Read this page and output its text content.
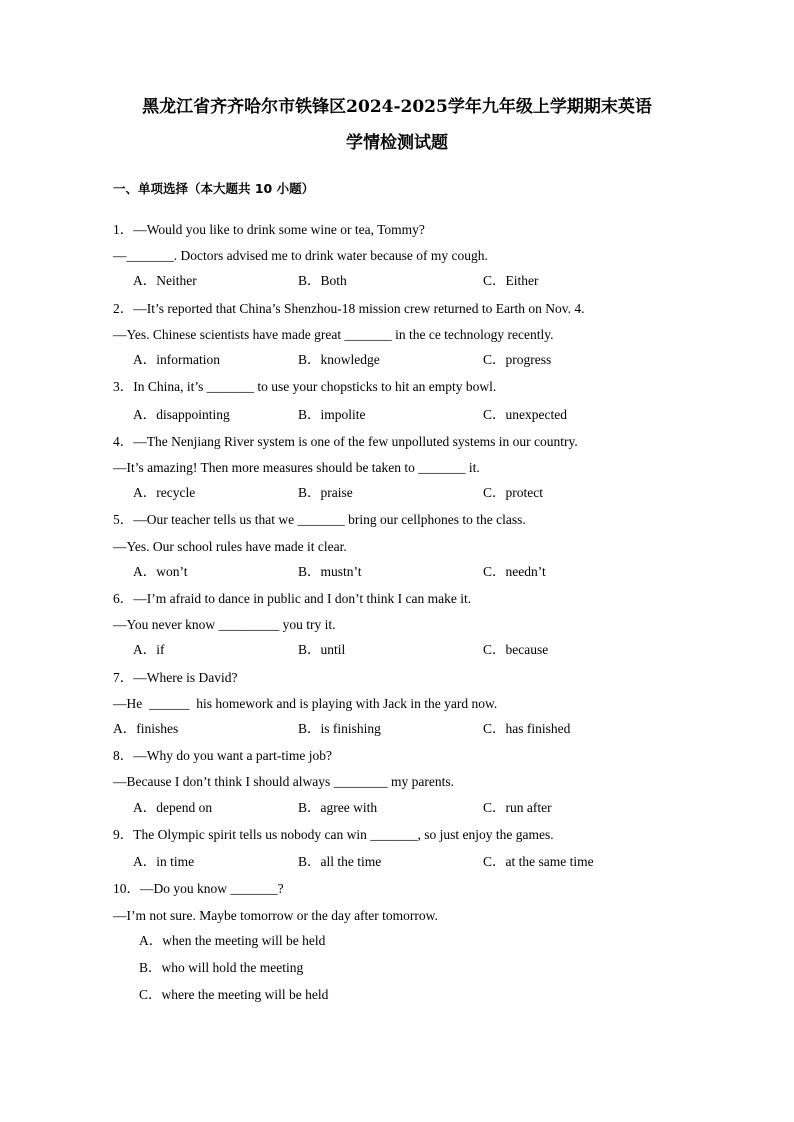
黑龙江省齐齐哈尔市铁锋区2024-2025学年九年级上学期期末英语
学情检测试题
一、单项选择（本大题共 10 小题）
1．—Would you like to drink some wine or tea, Tommy?
—_______. Doctors advised me to drink water because of my cough.
A．Neither	B．Both	C．Either
2．—It’s reported that China’s Shenzhou-18 mission crew returned to Earth on Nov. 4.
—Yes. Chinese scientists have made great _______ in the ce technology recently.
A．information	B．knowledge	C．progress
3．In China, it’s _______ to use your chopsticks to hit an empty bowl.
A．disappointing	B．impolite	C．unexpected
4．—The Nenjiang River system is one of the few unpolluted systems in our country.
—It’s amazing! Then more measures should be taken to _______ it.
A．recycle	B．praise	C．protect
5．—Our teacher tells us that we _______ bring our cellphones to the class.
—Yes. Our school rules have made it clear.
A．won’t	B．mustn’t	C．needn’t
6．—I’m afraid to dance in public and I don’t think I can make it.
—You never know _________ you try it.
A．if	B．until	C．because
7．—Where is David?
—He  ______  his homework and is playing with Jack in the yard now.
A．finishes	B．is finishing	C．has finished
8．—Why do you want a part-time job?
—Because I don’t think I should always ________ my parents.
A．depend on	B．agree with	C．run after
9．The Olympic spirit tells us nobody can win _______, so just enjoy the games.
A．in time	B．all the time	C．at the same time
10．—Do you know _______?
—I’m not sure. Maybe tomorrow or the day after tomorrow.
A．when the meeting will be held
B．who will hold the meeting
C．where the meeting will be held
